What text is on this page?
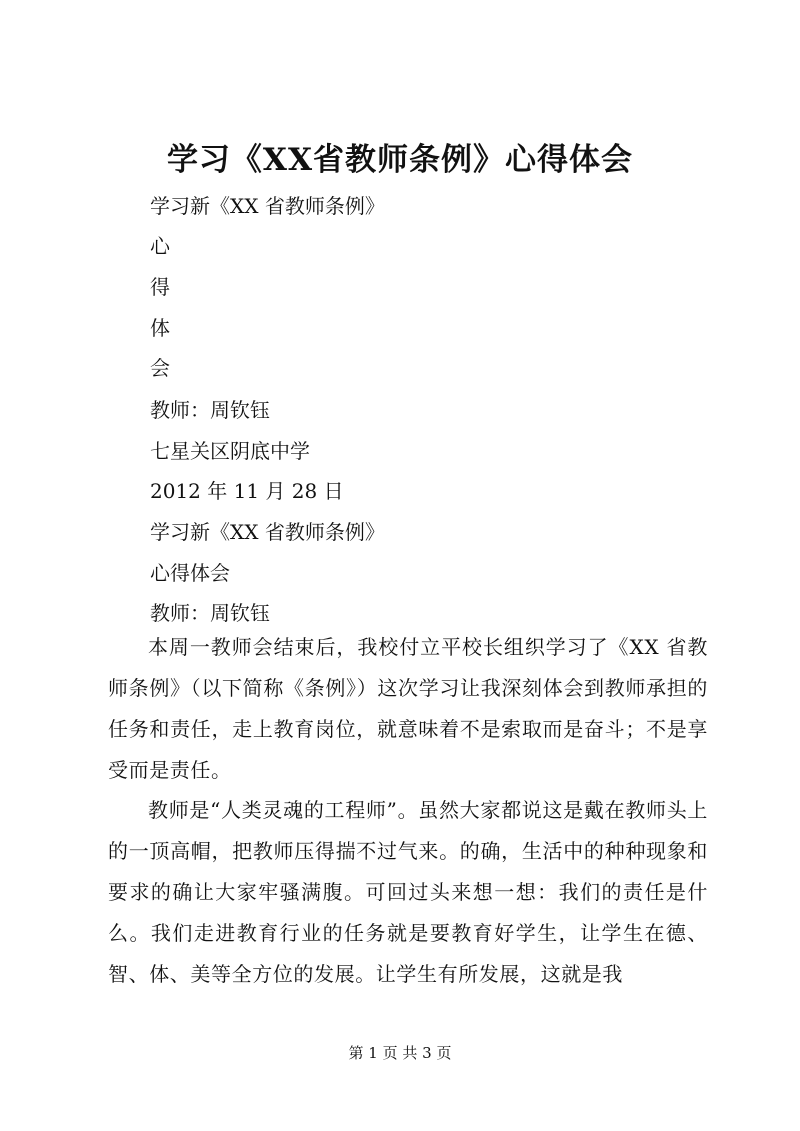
学习《XX省教师条例》心得体会
学习新《XX 省教师条例》
心
得
体
会
教师：周钦钰
七星关区阴底中学
2012 年 11 月 28 日
学习新《XX 省教师条例》
心得体会
教师：周钦钰

本周一教师会结束后，我校付立平校长组织学习了《XX 省教师条例》（以下简称《条例》）这次学习让我深刻体会到教师承担的任务和责任，走上教育岗位，就意味着不是索取而是奋斗；不是享受而是责任。

教师是“人类灵魂的工程师”。虽然大家都说这是戴在教师头上的一顶高帽，把教师压得揣不过气来。的确，生活中的种种现象和要求的确让大家牢骚满腹。可回过头来想一想：我们的责任是什么。我们走进教育行业的任务就是要教育好学生，让学生在德、智、体、美等全方位的发展。让学生有所发展，这就是我

第 1 页 共 3 页
